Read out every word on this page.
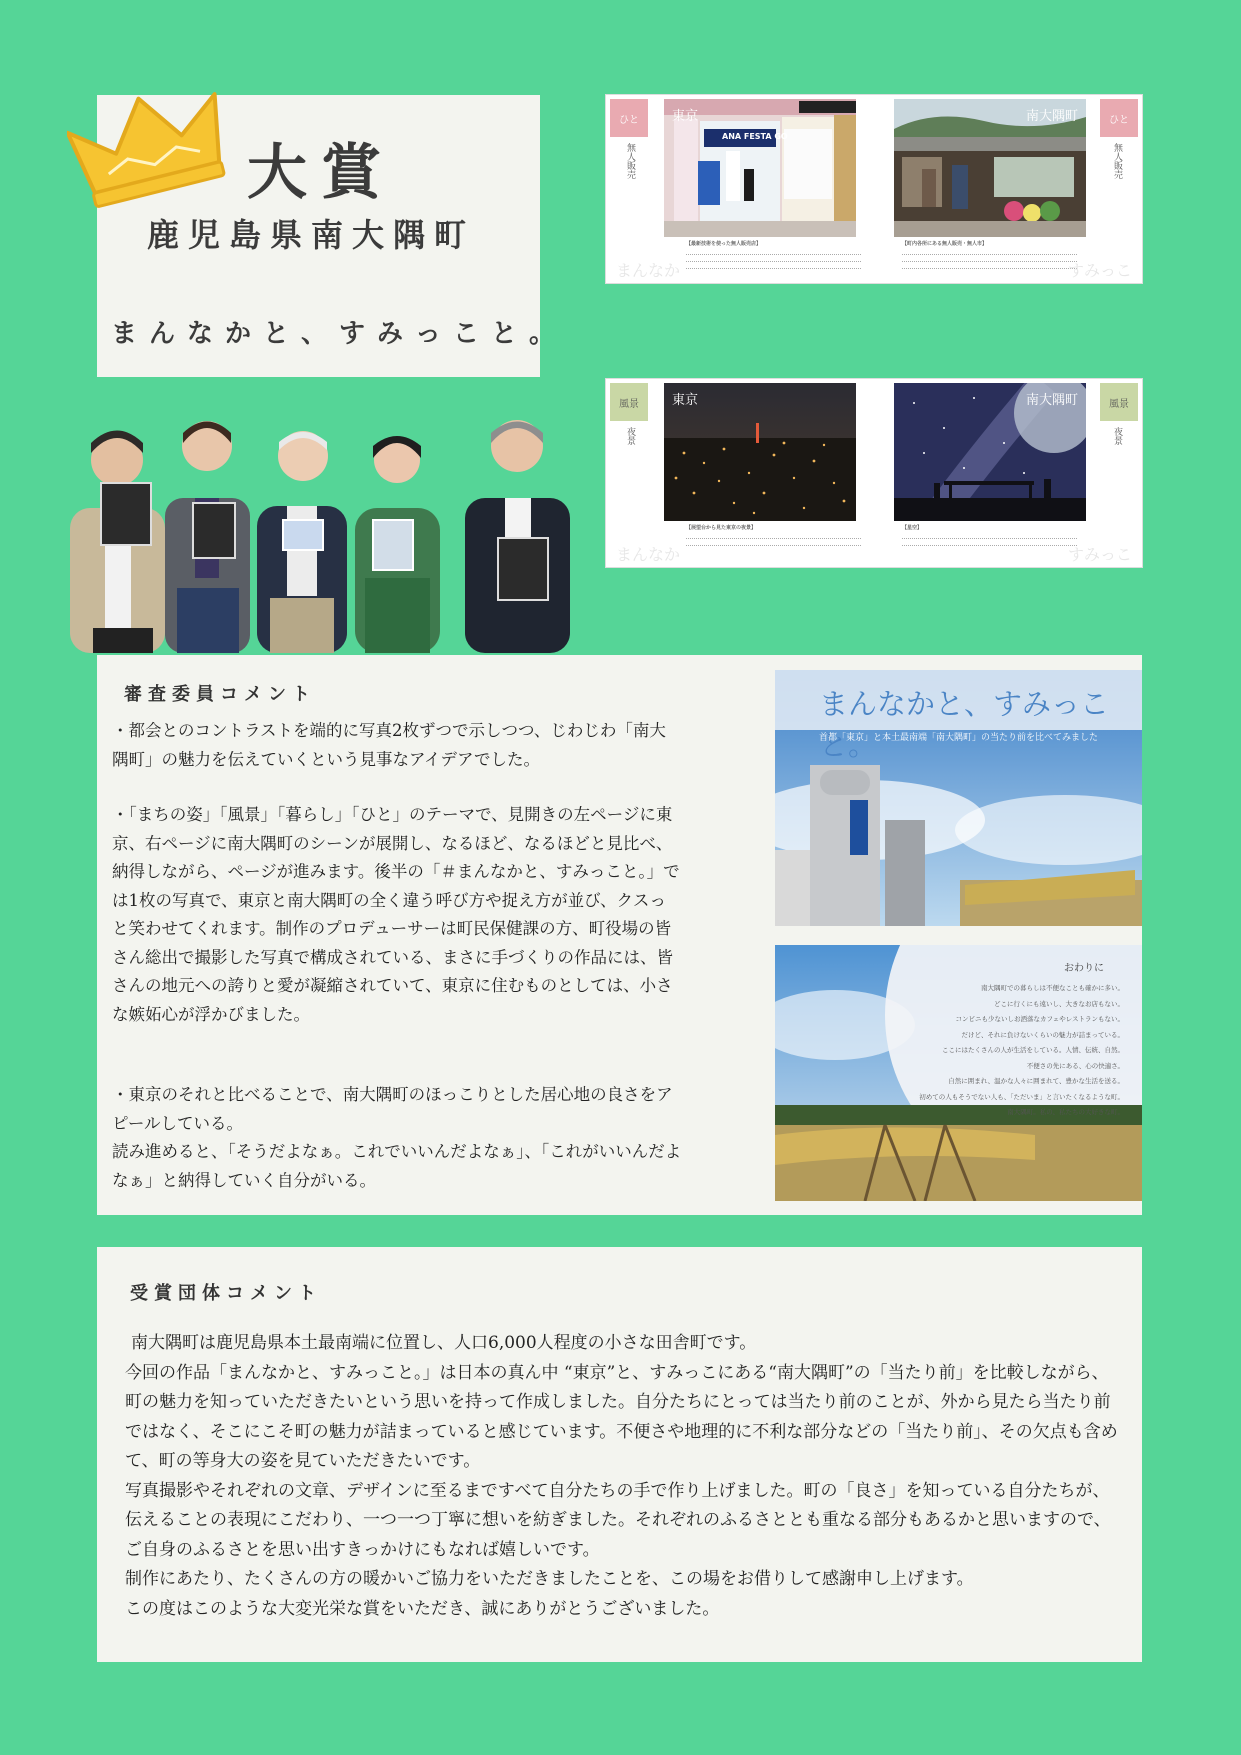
大賞
鹿児島県南大隅町
まんなかと、すみっこと。
ひと
無人販売
東京
ANA FESTA GO
南大隅町	ひと
無人販売
【最新技術を使った無人販売店】	【町内各所にある無人販売・無人市】
まんなか	すみっこ
風景
夜景
東京	南大隅町	風景
夜景
【展望台から見た東京の夜景】	【星空】
まんなか	すみっこ
審査委員コメント

・都会とのコントラストを端的に写真2枚ずつで示しつつ、じわじわ「南大隅町」の魅力を伝えていくという見事なアイデアでした。

・「まちの姿」「風景」「暮らし」「ひと」のテーマで、見開きの左ページに東京、右ページに南大隅町のシーンが展開し、なるほど、なるほどと見比べ、納得しながら、ページが進みます。後半の「＃まんなかと、すみっこと。」では1枚の写真で、東京と南大隅町の全く違う呼び方や捉え方が並び、クスっと笑わせてくれます。制作のプロデューサーは町民保健課の方、町役場の皆さん総出で撮影した写真で構成されている、まさに手づくりの作品には、皆さんの地元への誇りと愛が凝縮されていて、東京に住むものとしては、小さな嫉妬心が浮かびました。

・東京のそれと比べることで、南大隅町のほっこりとした居心地の良さをアピールしている。

読み進めると、「そうだよなぁ。これでいいんだよなぁ」、「これがいいんだよなぁ」と納得していく自分がいる。

まんなかと、すみっこと。
首都「東京」と本土最南端「南大隅町」の当たり前を比べてみました
おわりに
南大隅町での暮らしは不便なことも確かに多い。
どこに行くにも遠いし、大きなお店もない。
コンビニも少ないしお洒落なカフェやレストランもない。
だけど、それに負けないくらいの魅力が詰まっている。
ここにはたくさんの人が生活をしている。人情、伝統、自然。
不便さの先にある、心の快適さ。
自然に囲まれ、温かな人々に囲まれて、豊かな生活を送る。
初めての人もそうでない人も、「ただいま」と言いたくなるような町。
南大隅町。私の、私たちの大好きな町。
受賞団体コメント
南大隅町は鹿児島県本土最南端に位置し、人口6,000人程度の小さな田舎町です。
今回の作品「まんなかと、すみっこと。」は日本の真ん中 “東京”と、すみっこにある“南大隅町”の「当たり前」を比較しながら、町の魅力を知っていただきたいという思いを持って作成しました。自分たちにとっては当たり前のことが、外から見たら当たり前ではなく、そこにこそ町の魅力が詰まっていると感じています。不便さや地理的に不利な部分などの「当たり前」、その欠点も含めて、町の等身大の姿を見ていただきたいです。
写真撮影やそれぞれの文章、デザインに至るまですべて自分たちの手で作り上げました。町の「良さ」を知っている自分たちが、伝えることの表現にこだわり、一つ一つ丁寧に想いを紡ぎました。それぞれのふるさととも重なる部分もあるかと思いますので、ご自身のふるさとを思い出すきっかけにもなれば嬉しいです。
制作にあたり、たくさんの方の暖かいご協力をいただきましたことを、この場をお借りして感謝申し上げます。
この度はこのような大変光栄な賞をいただき、誠にありがとうございました。
